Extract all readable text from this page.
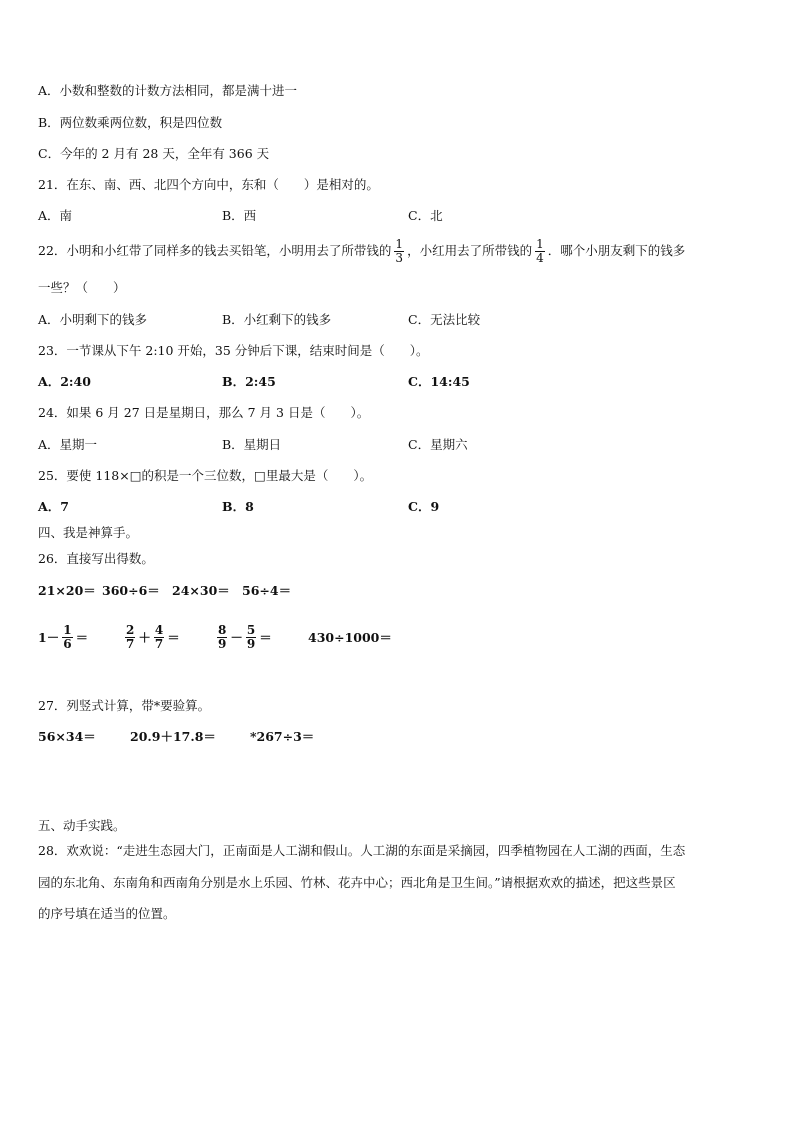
A．小数和整数的计数方法相同，都是满十进一
B．两位数乘两位数，积是四位数
C．今年的 2 月有 28 天，全年有 366 天
21．在东、南、西、北四个方向中，东和（　　）是相对的。
A．南	B．西	C．北
22．小明和小红带了同样多的钱去买铅笔，小明用去了所带钱的 $\frac{1}{3}$ ，小红用去了所带钱的 $\frac{1}{4}$ ．哪个小朋友剩下的钱多
一些？（　　）
A．小明剩下的钱多	B．小红剩下的钱多	C．无法比较
23．一节课从下午 2:10 开始，35 分钟后下课，结束时间是（　　）。
A．2:40	B．2:45	C．14:45
24．如果 6 月 27 日是星期日，那么 7 月 3 日是（　　）。
A．星期一	B．星期日	C．星期六
25．要使 118×□的积是一个三位数，□里最大是（　　）。
A．7	B．8	C．9
四、我是神算手。
26．直接写出得数。
21×20＝ 360÷6＝ 24×30＝ 56÷4＝
$1- \frac{1}{6}$ ＝	$\frac{2}{7} + \frac{4}{7}$ ＝	$\frac{8}{9} - \frac{5}{9}$ ＝	430÷1000＝
27．列竖式计算，带*要验算。
56×34＝	20.9＋17.8＝	*267÷3＝
五、动手实践。
28．欢欢说：“走进生态园大门，正南面是人工湖和假山。人工湖的东面是采摘园，四季植物园在人工湖的西面，生态
园的东北角、东南角和西南角分别是水上乐园、竹林、花卉中心；西北角是卫生间。”请根据欢欢的描述，把这些景区
的序号填在适当的位置。
